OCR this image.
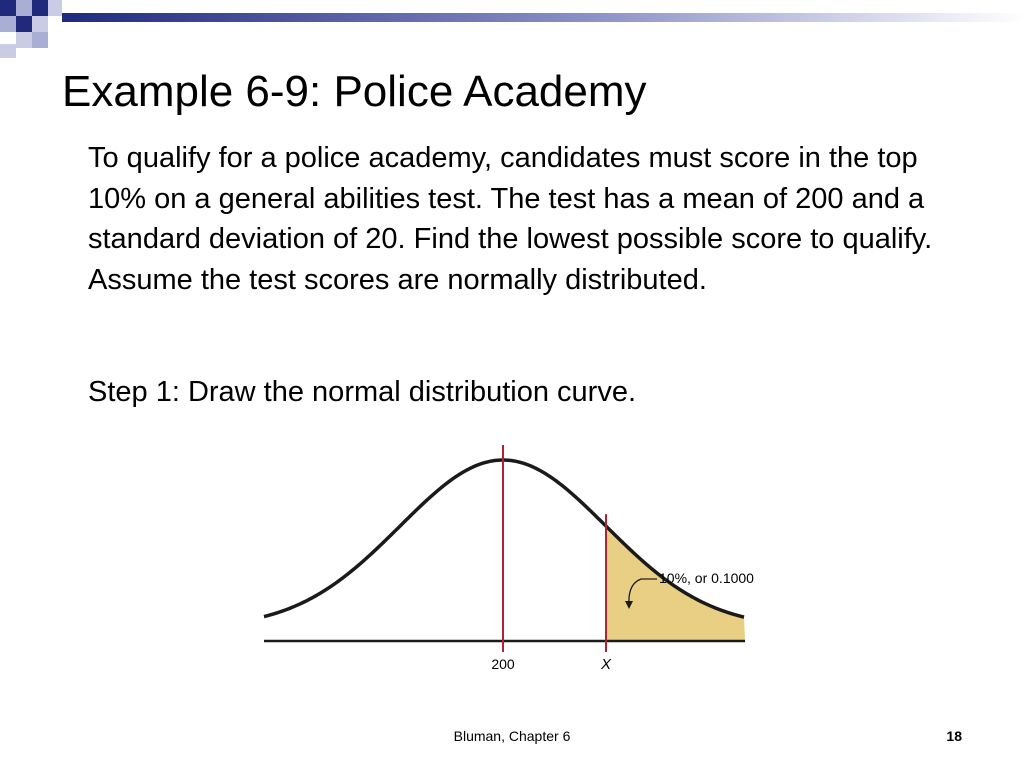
Example 6-9: Police Academy

To qualify for a police academy, candidates must score in the top 10% on a general abilities test. The test has a mean of 200 and a standard deviation of 20. Find the lowest possible score to qualify. Assume the test scores are normally distributed.

Step 1: Draw the normal distribution curve.

200	X
10%, or 0.1000
Bluman, Chapter 6	18
